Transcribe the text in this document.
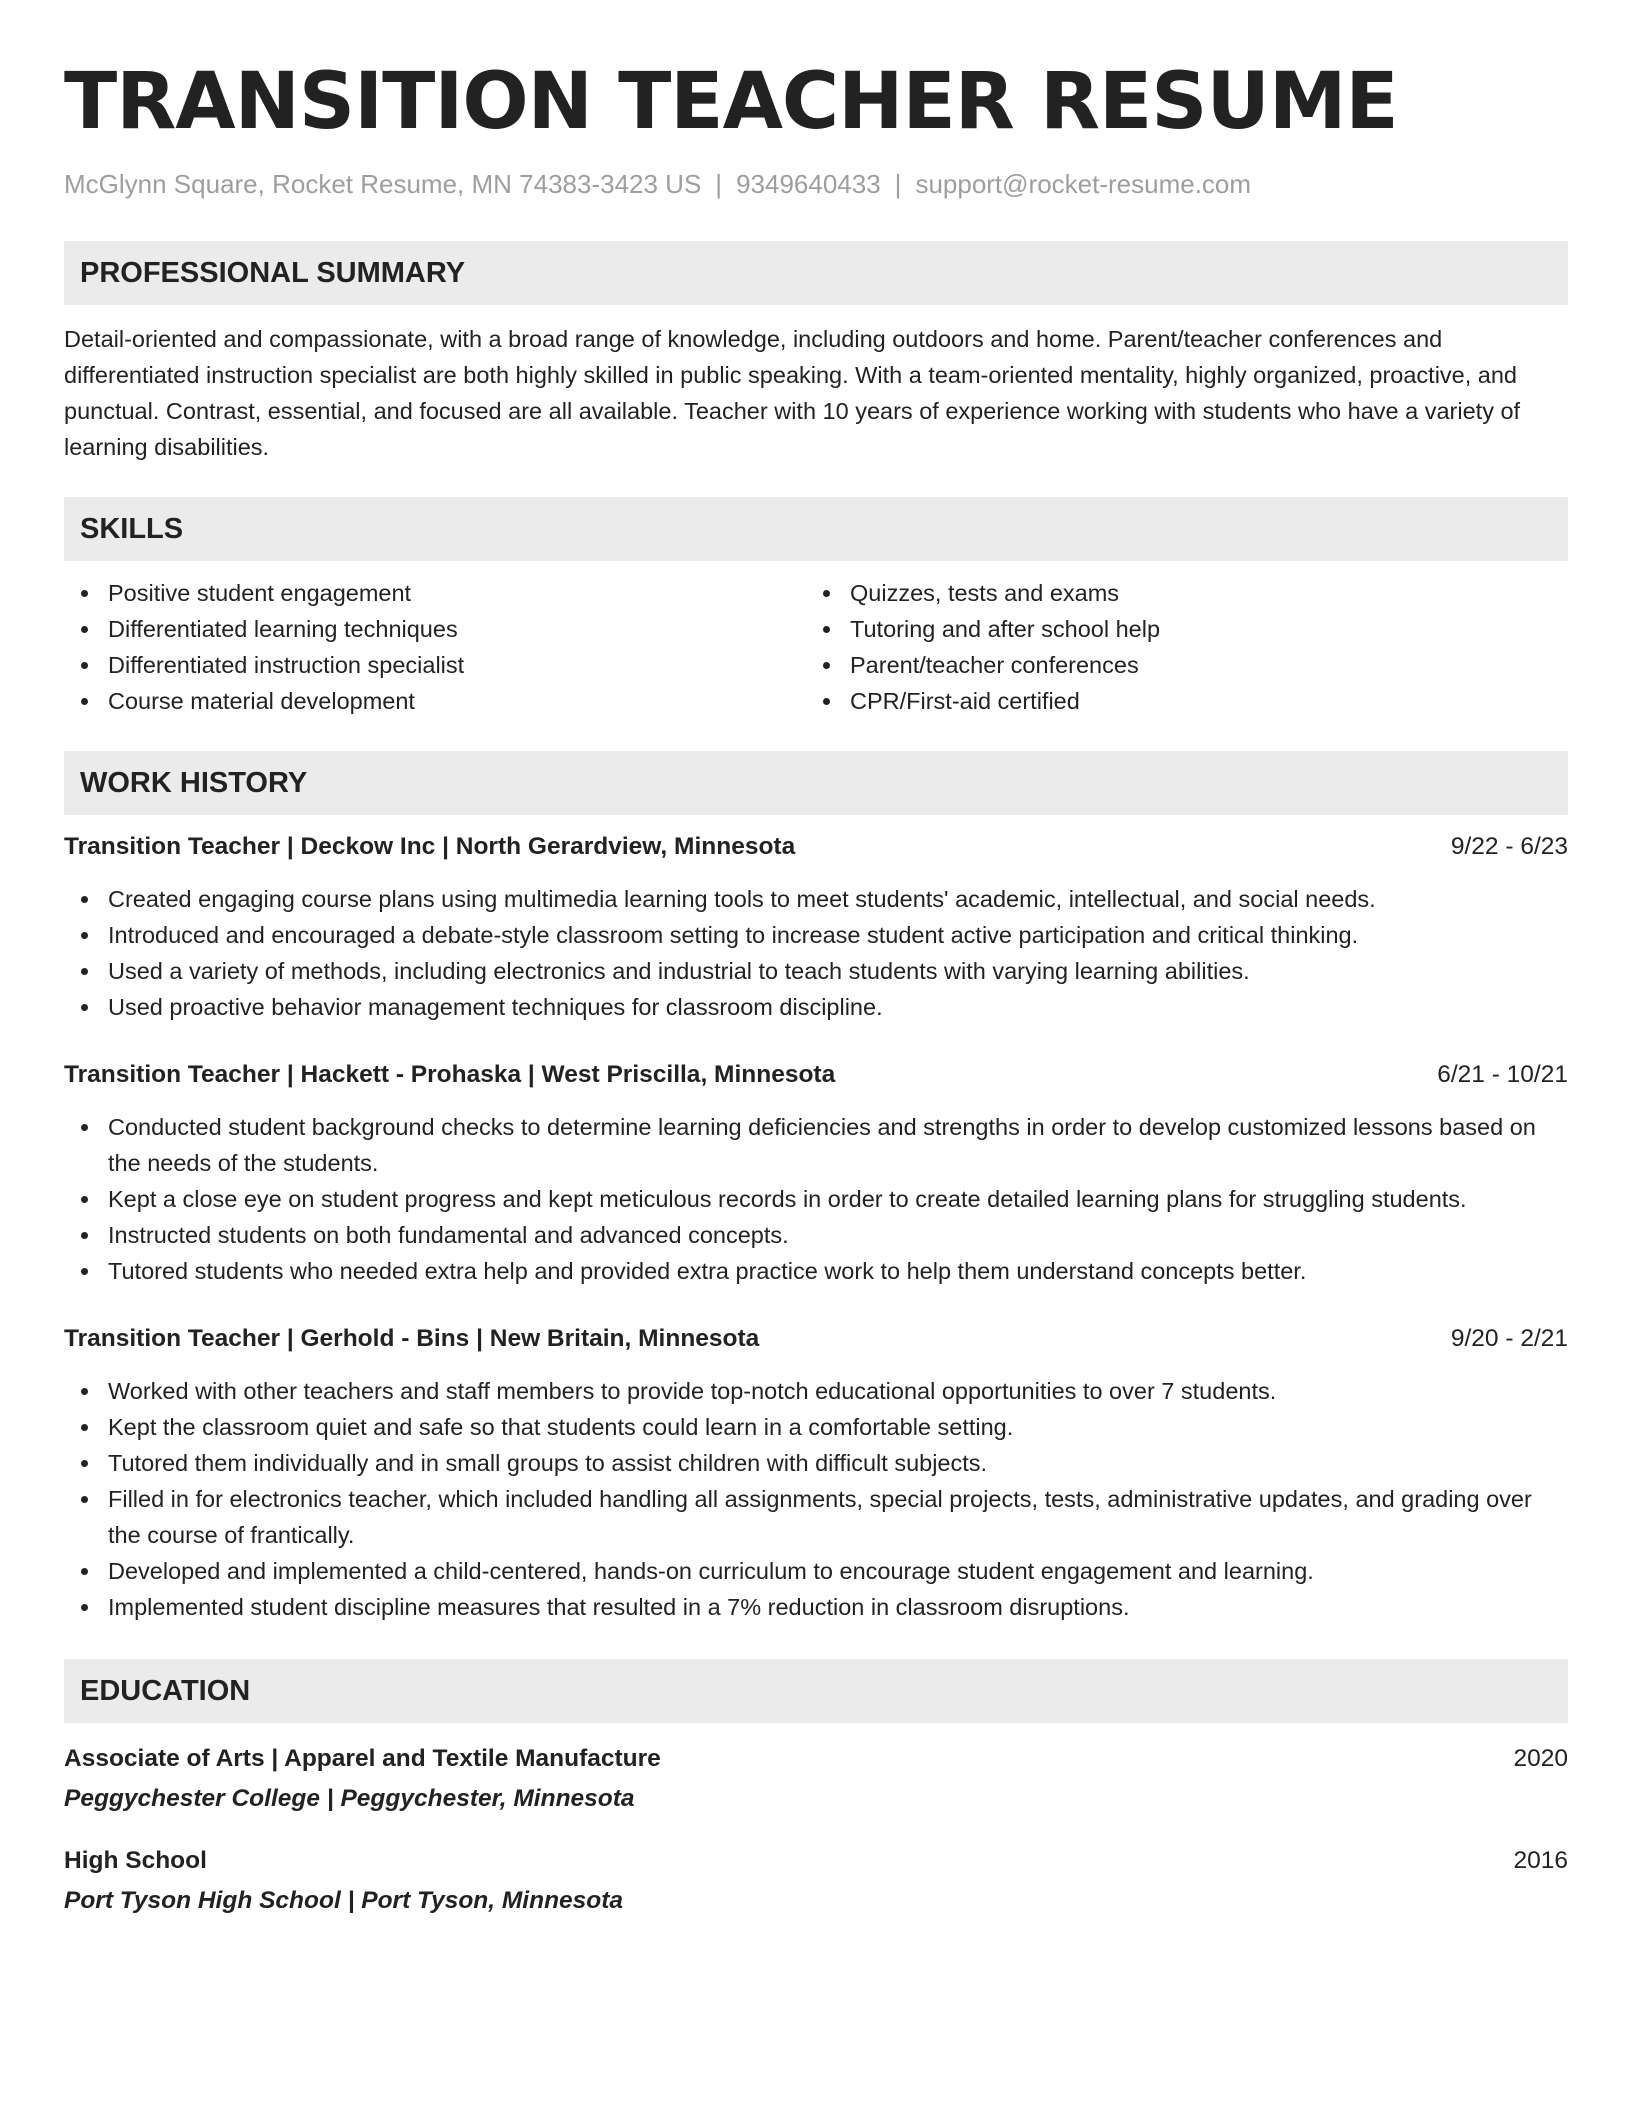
TRANSITION TEACHER RESUME
McGlynn Square, Rocket Resume, MN 74383-3423 US | 9349640433 | support@rocket-resume.com
PROFESSIONAL SUMMARY
Detail-oriented and compassionate, with a broad range of knowledge, including outdoors and home. Parent/teacher conferences and differentiated instruction specialist are both highly skilled in public speaking. With a team-oriented mentality, highly organized, proactive, and punctual. Contrast, essential, and focused are all available. Teacher with 10 years of experience working with students who have a variety of learning disabilities.
SKILLS
Positive student engagement
Differentiated learning techniques
Differentiated instruction specialist
Course material development
Quizzes, tests and exams
Tutoring and after school help
Parent/teacher conferences
CPR/First-aid certified
WORK HISTORY
Transition Teacher | Deckow Inc | North Gerardview, Minnesota	9/22 - 6/23
Created engaging course plans using multimedia learning tools to meet students' academic, intellectual, and social needs.
Introduced and encouraged a debate-style classroom setting to increase student active participation and critical thinking.
Used a variety of methods, including electronics and industrial to teach students with varying learning abilities.
Used proactive behavior management techniques for classroom discipline.
Transition Teacher | Hackett - Prohaska | West Priscilla, Minnesota	6/21 - 10/21
Conducted student background checks to determine learning deficiencies and strengths in order to develop customized lessons based on the needs of the students.
Kept a close eye on student progress and kept meticulous records in order to create detailed learning plans for struggling students.
Instructed students on both fundamental and advanced concepts.
Tutored students who needed extra help and provided extra practice work to help them understand concepts better.
Transition Teacher | Gerhold - Bins | New Britain, Minnesota	9/20 - 2/21
Worked with other teachers and staff members to provide top-notch educational opportunities to over 7 students.
Kept the classroom quiet and safe so that students could learn in a comfortable setting.
Tutored them individually and in small groups to assist children with difficult subjects.
Filled in for electronics teacher, which included handling all assignments, special projects, tests, administrative updates, and grading over the course of frantically.
Developed and implemented a child-centered, hands-on curriculum to encourage student engagement and learning.
Implemented student discipline measures that resulted in a 7% reduction in classroom disruptions.
EDUCATION
Associate of Arts | Apparel and Textile Manufacture	2020
Peggychester College | Peggychester, Minnesota
High School	2016
Port Tyson High School | Port Tyson, Minnesota
